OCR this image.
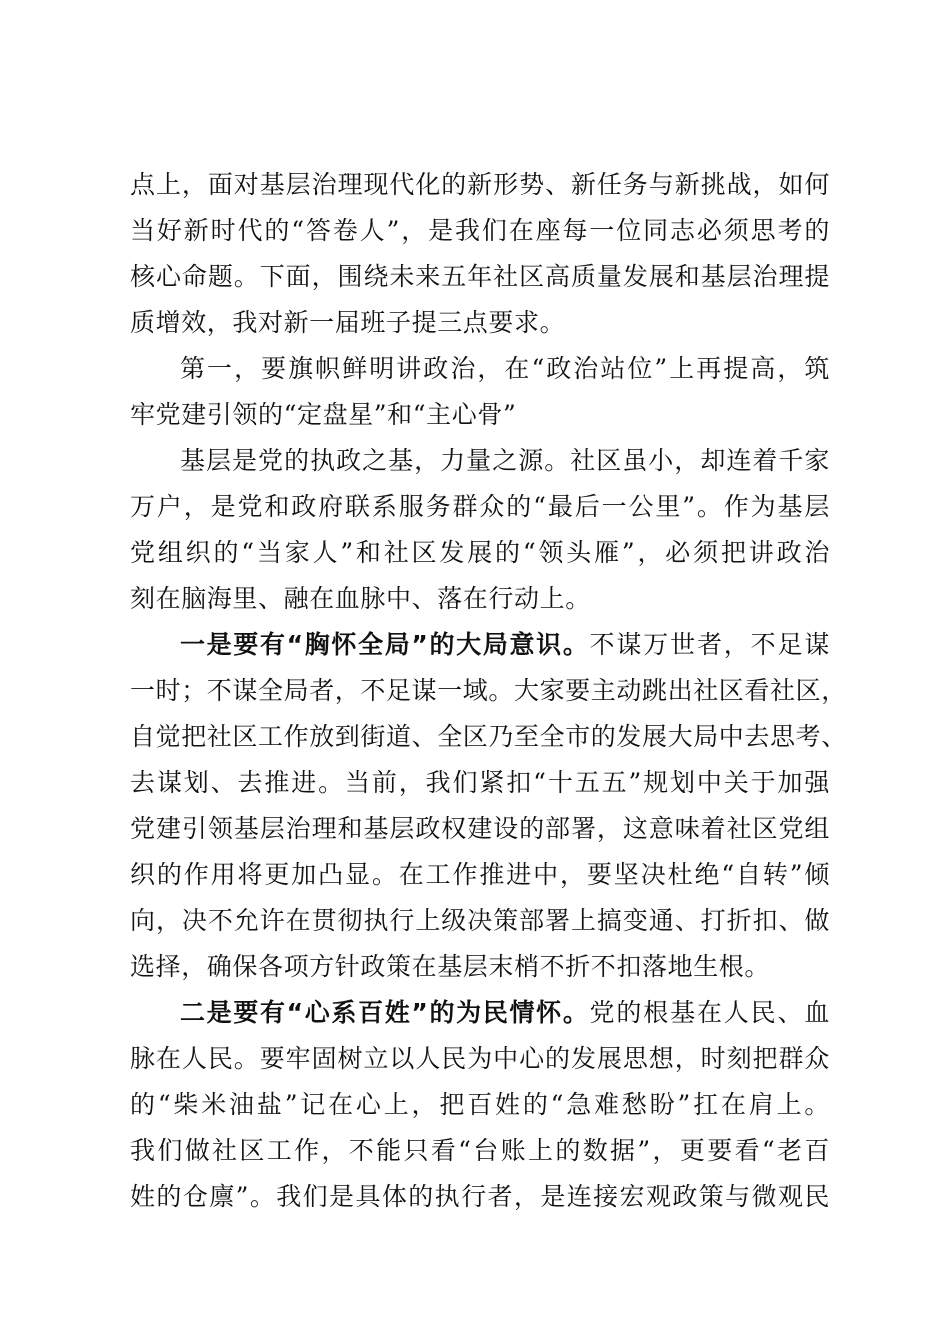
点上，面对基层治理现代化的新形势、新任务与新挑战，如何
当好新时代的“答卷人”，是我们在座每一位同志必须思考的
核心命题。下面，围绕未来五年社区高质量发展和基层治理提
质增效，我对新一届班子提三点要求。
第一，要旗帜鲜明讲政治，在“政治站位”上再提高，筑
牢党建引领的“定盘星”和“主心骨”
基层是党的执政之基，力量之源。社区虽小，却连着千家
万户，是党和政府联系服务群众的“最后一公里”。作为基层
党组织的“当家人”和社区发展的“领头雁”，必须把讲政治
刻在脑海里、融在血脉中、落在行动上。
一是要有“胸怀全局”的大局意识。不谋万世者，不足谋
一时；不谋全局者，不足谋一域。大家要主动跳出社区看社区，
自觉把社区工作放到街道、全区乃至全市的发展大局中去思考、
去谋划、去推进。当前，我们紧扣“十五五”规划中关于加强
党建引领基层治理和基层政权建设的部署，这意味着社区党组
织的作用将更加凸显。在工作推进中，要坚决杜绝“自转”倾
向，决不允许在贯彻执行上级决策部署上搞变通、打折扣、做
选择，确保各项方针政策在基层末梢不折不扣落地生根。
二是要有“心系百姓”的为民情怀。党的根基在人民、血
脉在人民。要牢固树立以人民为中心的发展思想，时刻把群众
的“柴米油盐”记在心上，把百姓的“急难愁盼”扛在肩上。
我们做社区工作，不能只看“台账上的数据”，更要看“老百
姓的仓廪”。我们是具体的执行者，是连接宏观政策与微观民
